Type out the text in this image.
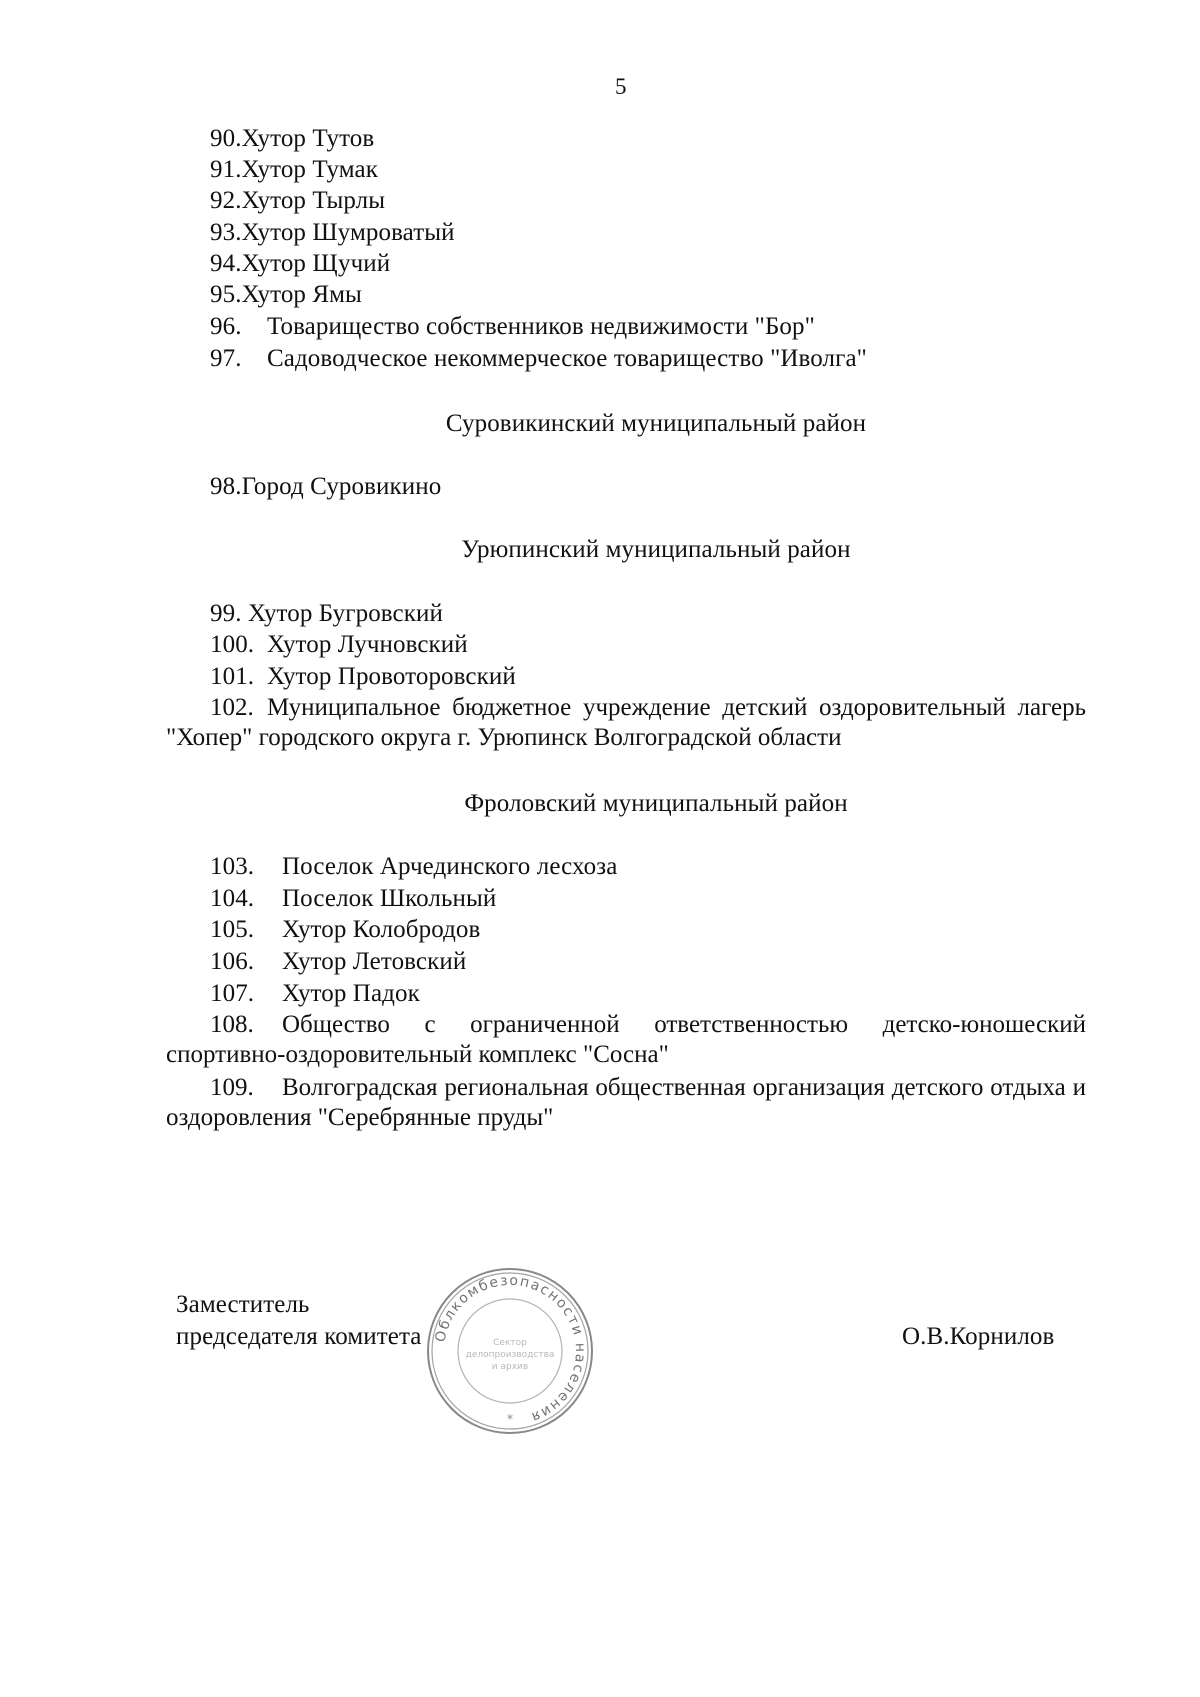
5
90.Хутор Тутов
91.Хутор Тумак
92.Хутор Тырлы
93.Хутор Шумроватый
94.Хутор Щучий
95.Хутор Ямы
96. Товарищество собственников недвижимости "Бор"
97. Садоводческое некоммерческое товарищество "Иволга"
Суровикинский муниципальный район
98.Город Суровикино
Урюпинский муниципальный район
99. Хутор Бугровский
100. Хутор Лучновский
101. Хутор Провоторовский
102. Муниципальное бюджетное учреждение детский оздоровительный лагерь "Хопер" городского округа г. Урюпинск Волгоградской области
Фроловский муниципальный район
103. Поселок Арчединского лесхоза
104. Поселок Школьный
105. Хутор Колобродов
106. Хутор Летовский
107. Хутор Падок
108. Общество с ограниченной ответственностью детско-юношеский спортивно-оздоровительный комплекс "Сосна"
109. Волгоградская региональная общественная организация детского отдыха и оздоровления "Серебрянные пруды"
Заместитель
председателя комитета	О.В.Корнилов
Облкомбезопасности населения
Сектор
делопроизводства
и архив
*
